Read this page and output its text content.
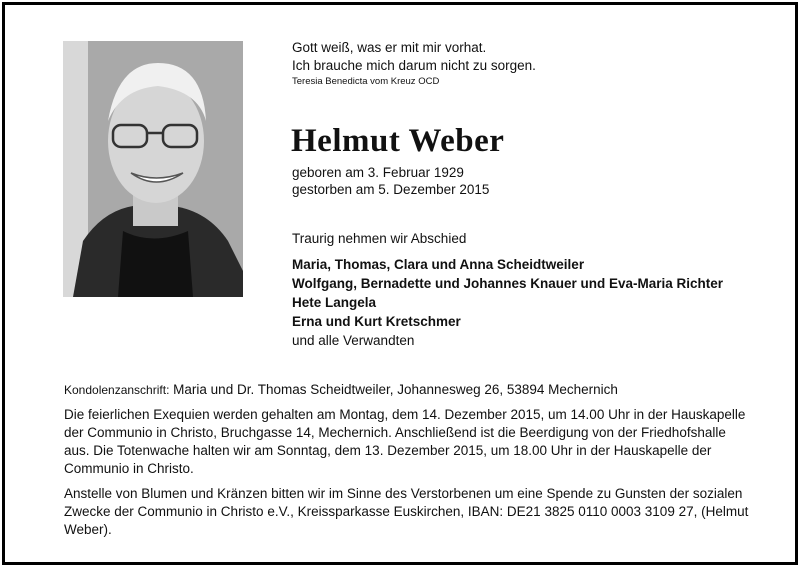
Gott weiß, was er mit mir vorhat.
Ich brauche mich darum nicht zu sorgen.
Teresia Benedicta vom Kreuz OCD
Helmut Weber
geboren am 3. Februar 1929
gestorben am 5. Dezember 2015
Traurig nehmen wir Abschied
Maria, Thomas, Clara und Anna Scheidtweiler
Wolfgang, Bernadette und Johannes Knauer und Eva-Maria Richter
Hete Langela
Erna und Kurt Kretschmer
und alle Verwandten

Kondolenzanschrift: Maria und Dr. Thomas Scheidtweiler, Johannesweg 26, 53894 Mechernich

Die feierlichen Exequien werden gehalten am Montag, dem 14. Dezember 2015, um 14.00 Uhr in der Hauskapelle der Communio in Christo, Bruchgasse 14, Mechernich. Anschließend ist die Beerdigung von der Friedhofshalle aus. Die Totenwache halten wir am Sonntag, dem 13. Dezember 2015, um 18.00 Uhr in der Hauskapelle der Communio in Christo.

Anstelle von Blumen und Kränzen bitten wir im Sinne des Verstorbenen um eine Spende zu Gunsten der sozialen Zwecke der Communio in Christo e.V., Kreissparkasse Euskirchen, IBAN: DE21 3825 0110 0003 3109 27, (Helmut Weber).
